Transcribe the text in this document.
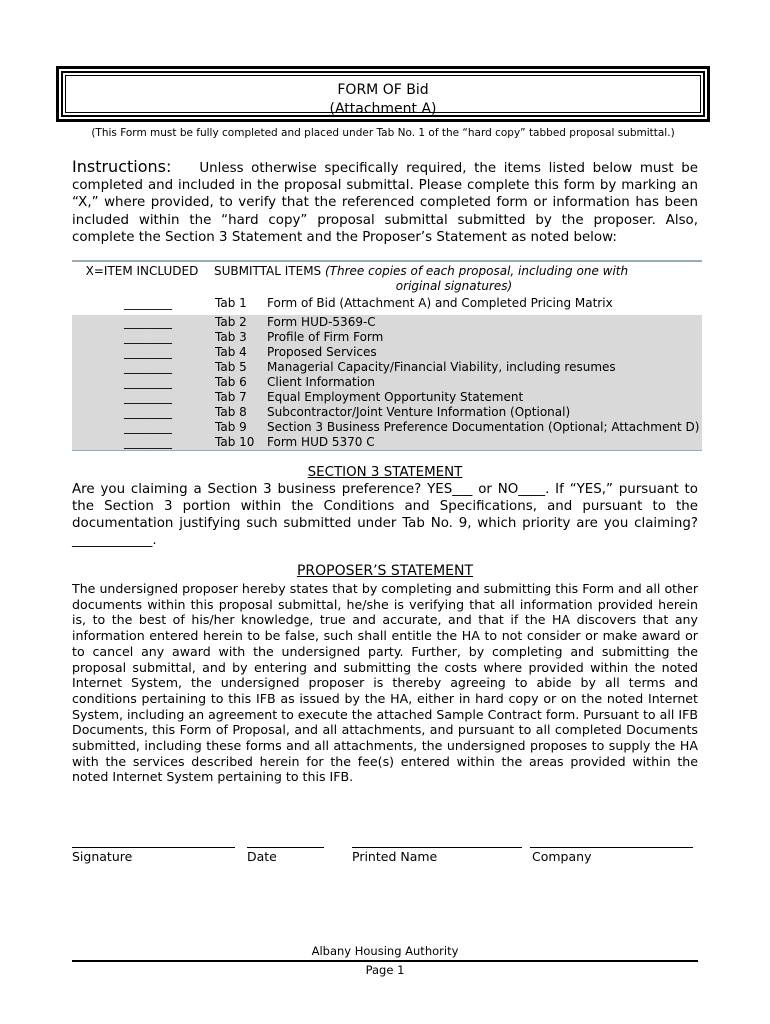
FORM OF Bid
(Attachment A)
(This Form must be fully completed and placed under Tab No. 1 of the “hard copy” tabbed proposal submittal.)
Instructions: Unless otherwise specifically required, the items listed below must be completed and included in the proposal submittal. Please complete this form by marking an “X,” where provided, to verify that the referenced completed form or information has been included within the “hard copy” proposal submittal submitted by the proposer. Also, complete the Section 3 Statement and the Proposer’s Statement as noted below:
X=ITEM INCLUDED	SUBMITTAL ITEMS (Three copies of each proposal, including one with
original signatures)
________	Tab 1 Form of Bid (Attachment A) and Completed Pricing Matrix
________	Tab 2 Form HUD-5369-C
________	Tab 3 Profile of Firm Form
________	Tab 4 Proposed Services
________	Tab 5 Managerial Capacity/Financial Viability, including resumes
________	Tab 6 Client Information
________	Tab 7 Equal Employment Opportunity Statement
________	Tab 8 Subcontractor/Joint Venture Information (Optional)
________	Tab 9 Section 3 Business Preference Documentation (Optional; Attachment D)
________	Tab 10 Form HUD 5370 C
SECTION 3 STATEMENT
Are you claiming a Section 3 business preference? YES___ or NO____. If “YES,” pursuant to the Section 3 portion within the Conditions and Specifications, and pursuant to the documentation justifying such submitted under Tab No. 9, which priority are you claiming? ____________.
PROPOSER’S STATEMENT
The undersigned proposer hereby states that by completing and submitting this Form and all other documents within this proposal submittal, he/she is verifying that all information provided herein is, to the best of his/her knowledge, true and accurate, and that if the HA discovers that any information entered herein to be false, such shall entitle the HA to not consider or make award or to cancel any award with the undersigned party. Further, by completing and submitting the proposal submittal, and by entering and submitting the costs where provided within the noted Internet System, the undersigned proposer is thereby agreeing to abide by all terms and conditions pertaining to this IFB as issued by the HA, either in hard copy or on the noted Internet System, including an agreement to execute the attached Sample Contract form. Pursuant to all IFB Documents, this Form of Proposal, and all attachments, and pursuant to all completed Documents submitted, including these forms and all attachments, the undersigned proposes to supply the HA with the services described herein for the fee(s) entered within the areas provided within the noted Internet System pertaining to this IFB.
Signature	Date	Printed Name	Company
Albany Housing Authority
Page 1
